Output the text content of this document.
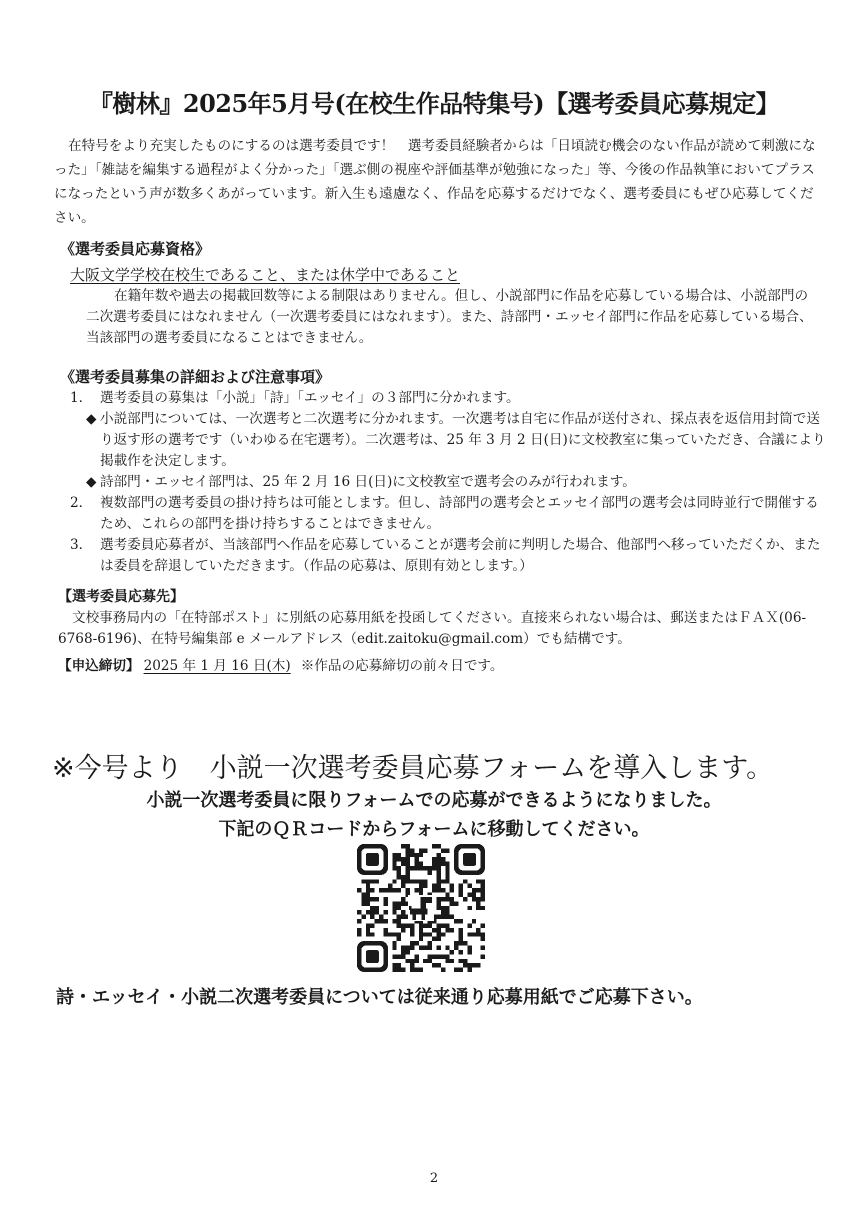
『樹林』2025年5月号(在校生作品特集号)【選考委員応募規定】
在特号をより充実したものにするのは選考委員です！　選考委員経験者からは「日頃読む機会のない作品が読めて刺激になった」「雑誌を編集する過程がよく分かった」「選ぶ側の視座や評価基準が勉強になった」等、今後の作品執筆においてプラスになったという声が数多くあがっています。新入生も遠慮なく、作品を応募するだけでなく、選考委員にもぜひ応募してください。
《選考委員応募資格》
大阪文学学校在校生であること、または休学中であること
在籍年数や過去の掲載回数等による制限はありません。但し、小説部門に作品を応募している場合は、小説部門の二次選考委員にはなれません（一次選考委員にはなれます）。また、詩部門・エッセイ部門に作品を応募している場合、当該部門の選考委員になることはできません。
《選考委員募集の詳細および注意事項》
1． 選考委員の募集は「小説」「詩」「エッセイ」の３部門に分かれます。
◆ 小説部門については、一次選考と二次選考に分かれます。一次選考は自宅に作品が送付され、採点表を返信用封筒で送り返す形の選考です（いわゆる在宅選考）。二次選考は、25 年 3 月 2 日(日)に文校教室に集っていただき、合議により掲載作を決定します。
◆ 詩部門・エッセイ部門は、25 年 2 月 16 日(日)に文校教室で選考会のみが行われます。
2． 複数部門の選考委員の掛け持ちは可能とします。但し、詩部門の選考会とエッセイ部門の選考会は同時並行で開催するため、これらの部門を掛け持ちすることはできません。
3． 選考委員応募者が、当該部門へ作品を応募していることが選考会前に判明した場合、他部門へ移っていただくか、または委員を辞退していただきます。（作品の応募は、原則有効とします。）
【選考委員応募先】
文校事務局内の「在特部ポスト」に別紙の応募用紙を投函してください。直接来られない場合は、郵送またはＦＡＸ(06-6768-6196)、在特号編集部 e メールアドレス（edit.zaitoku@gmail.com）でも結構です。
【申込締切】 2025 年 1 月 16 日(木) ※作品の応募締切の前々日です。
※今号より　小説一次選考委員応募フォームを導入します。
小説一次選考委員に限りフォームでの応募ができるようになりました。
下記のＱＲコードからフォームに移動してください。
詩・エッセイ・小説二次選考委員については従来通り応募用紙でご応募下さい。
2
